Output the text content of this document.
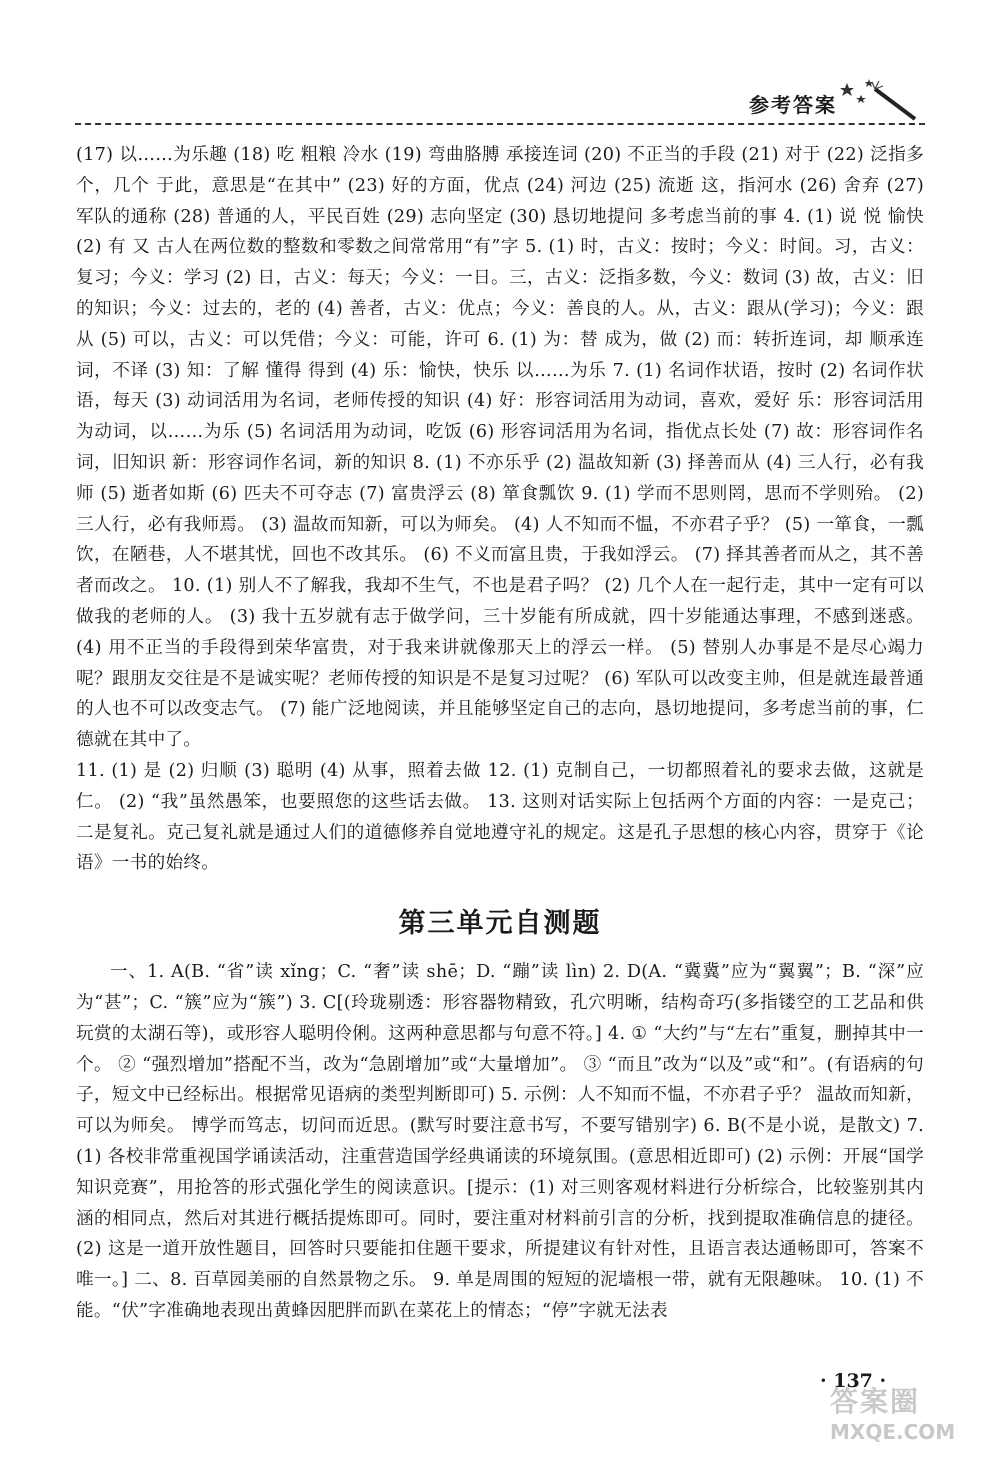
参考答案

(17) 以……为乐趣 (18) 吃 粗粮 冷水 (19) 弯曲胳膊 承接连词 (20) 不正当的手段 (21) 对于 (22) 泛指多个，几个 于此，意思是“在其中” (23) 好的方面，优点 (24) 河边 (25) 流逝 这，指河水 (26) 舍弃 (27) 军队的通称 (28) 普通的人，平民百姓 (29) 志向坚定 (30) 恳切地提问 多考虑当前的事 4. (1) 说 悦 愉快 (2) 有 又 古人在两位数的整数和零数之间常常用“有”字 5. (1) 时，古义：按时；今义：时间。习，古义：复习；今义：学习 (2) 日，古义：每天；今义：一日。三，古义：泛指多数，今义：数词 (3) 故，古义：旧的知识；今义：过去的，老的 (4) 善者，古义：优点；今义：善良的人。从，古义：跟从(学习)；今义：跟从 (5) 可以，古义：可以凭借；今义：可能，许可 6. (1) 为：替 成为，做 (2) 而：转折连词，却 顺承连词，不译 (3) 知：了解 懂得 得到 (4) 乐：愉快，快乐 以……为乐 7. (1) 名词作状语，按时 (2) 名词作状语，每天 (3) 动词活用为名词，老师传授的知识 (4) 好：形容词活用为动词，喜欢，爱好 乐：形容词活用为动词，以……为乐 (5) 名词活用为动词，吃饭 (6) 形容词活用为名词，指优点长处 (7) 故：形容词作名词，旧知识 新：形容词作名词，新的知识 8. (1) 不亦乐乎 (2) 温故知新 (3) 择善而从 (4) 三人行，必有我师 (5) 逝者如斯 (6) 匹夫不可夺志 (7) 富贵浮云 (8) 箪食瓢饮 9. (1) 学而不思则罔，思而不学则殆。 (2) 三人行，必有我师焉。 (3) 温故而知新，可以为师矣。 (4) 人不知而不愠，不亦君子乎？ (5) 一箪食，一瓢饮，在陋巷，人不堪其忧，回也不改其乐。 (6) 不义而富且贵，于我如浮云。 (7) 择其善者而从之，其不善者而改之。 10. (1) 别人不了解我，我却不生气，不也是君子吗？ (2) 几个人在一起行走，其中一定有可以做我的老师的人。 (3) 我十五岁就有志于做学问，三十岁能有所成就，四十岁能通达事理，不感到迷惑。 (4) 用不正当的手段得到荣华富贵，对于我来讲就像那天上的浮云一样。 (5) 替别人办事是不是尽心竭力呢？跟朋友交往是不是诚实呢？老师传授的知识是不是复习过呢？ (6) 军队可以改变主帅，但是就连最普通的人也不可以改变志气。 (7) 能广泛地阅读，并且能够坚定自己的志向，恳切地提问，多考虑当前的事，仁德就在其中了。

11. (1) 是 (2) 归顺 (3) 聪明 (4) 从事，照着去做 12. (1) 克制自己，一切都照着礼的要求去做，这就是仁。 (2) “我”虽然愚笨，也要照您的这些话去做。 13. 这则对话实际上包括两个方面的内容：一是克己；二是复礼。克己复礼就是通过人们的道德修养自觉地遵守礼的规定。这是孔子思想的核心内容，贯穿于《论语》一书的始终。

第三单元自测题

一、1. A(B. “省”读 xǐng；C. “奢”读 shē；D. “蹦”读 lìn) 2. D(A. “冀冀”应为“翼翼”；B. “深”应为“甚”；C. “簇”应为“簇”) 3. C[(玲珑剔透：形容器物精致，孔穴明晰，结构奇巧(多指镂空的工艺品和供玩赏的太湖石等)，或形容人聪明伶俐。这两种意思都与句意不符。] 4. ① “大约”与“左右”重复，删掉其中一个。 ② “强烈增加”搭配不当，改为“急剧增加”或“大量增加”。 ③ “而且”改为“以及”或“和”。(有语病的句子，短文中已经标出。根据常见语病的类型判断即可) 5. 示例：人不知而不愠，不亦君子乎？ 温故而知新，可以为师矣。 博学而笃志，切问而近思。(默写时要注意书写，不要写错别字) 6. B(不是小说，是散文) 7. (1) 各校非常重视国学诵读活动，注重营造国学经典诵读的环境氛围。(意思相近即可) (2) 示例：开展“国学知识竞赛”，用抢答的形式强化学生的阅读意识。[提示：(1) 对三则客观材料进行分析综合，比较鉴别其内涵的相同点，然后对其进行概括提炼即可。同时，要注重对材料前引言的分析，找到提取准确信息的捷径。 (2) 这是一道开放性题目，回答时只要能扣住题干要求，所提建议有针对性，且语言表达通畅即可，答案不唯一。] 二、8. 百草园美丽的自然景物之乐。 9. 单是周围的短短的泥墙根一带，就有无限趣味。 10. (1) 不能。“伏”字准确地表现出黄蜂因肥胖而趴在菜花上的情态；“停”字就无法表

· 137 ·
答案圈
MXQE.COM
